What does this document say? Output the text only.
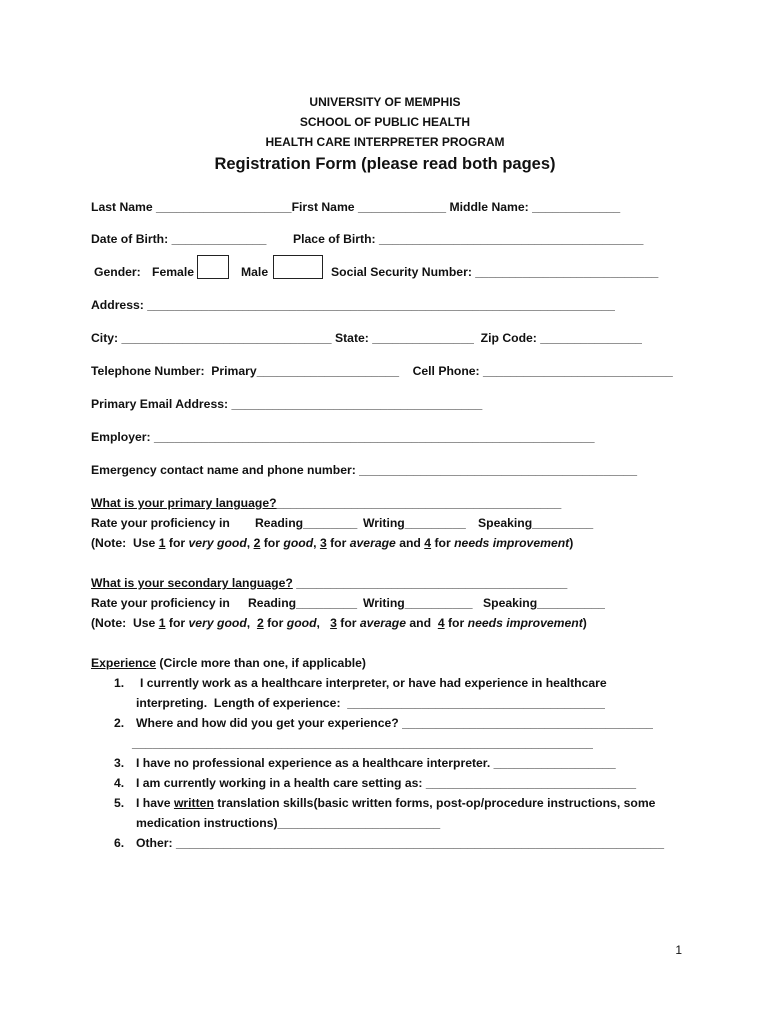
UNIVERSITY OF MEMPHIS
SCHOOL OF PUBLIC HEALTH
HEALTH CARE INTERPRETER PROGRAM
Registration Form (please read both pages)
Last Name ____________________First Name _____________ Middle Name: _____________
Date of Birth: ______________ Place of Birth: _______________________________________
Gender: Female	Male	Social Security Number: ___________________________
Address: _____________________________________________________________________
City: _______________________________ State: _______________  Zip Code: _______________
Telephone Number:  Primary_____________________    Cell Phone: ____________________________
Primary Email Address: _____________________________________
Employer: _________________________________________________________________
Emergency contact name and phone number: _________________________________________
What is your primary language?__________________________________________
Rate your proficiency in Reading________ Writing_________ Speaking_________
(Note:  Use 1 for very good, 2 for good, 3 for average and 4 for needs improvement)
What is your secondary language? ________________________________________
Rate your proficiency in Reading_________ Writing__________ Speaking__________
(Note:  Use 1 for very good,  2 for good,   3 for average and  4 for needs improvement)
Experience (Circle more than one, if applicable)
1. I currently work as a healthcare interpreter, or have had experience in healthcare
interpreting.  Length of experience:  ______________________________________
2. Where and how did you get your experience? _____________________________________
____________________________________________________________________
3. I have no professional experience as a healthcare interpreter. __________________
4. I am currently working in a health care setting as: _______________________________
5. I have written translation skills(basic written forms, post-op/procedure instructions, some
medication instructions)________________________
6. Other: ________________________________________________________________________
1
